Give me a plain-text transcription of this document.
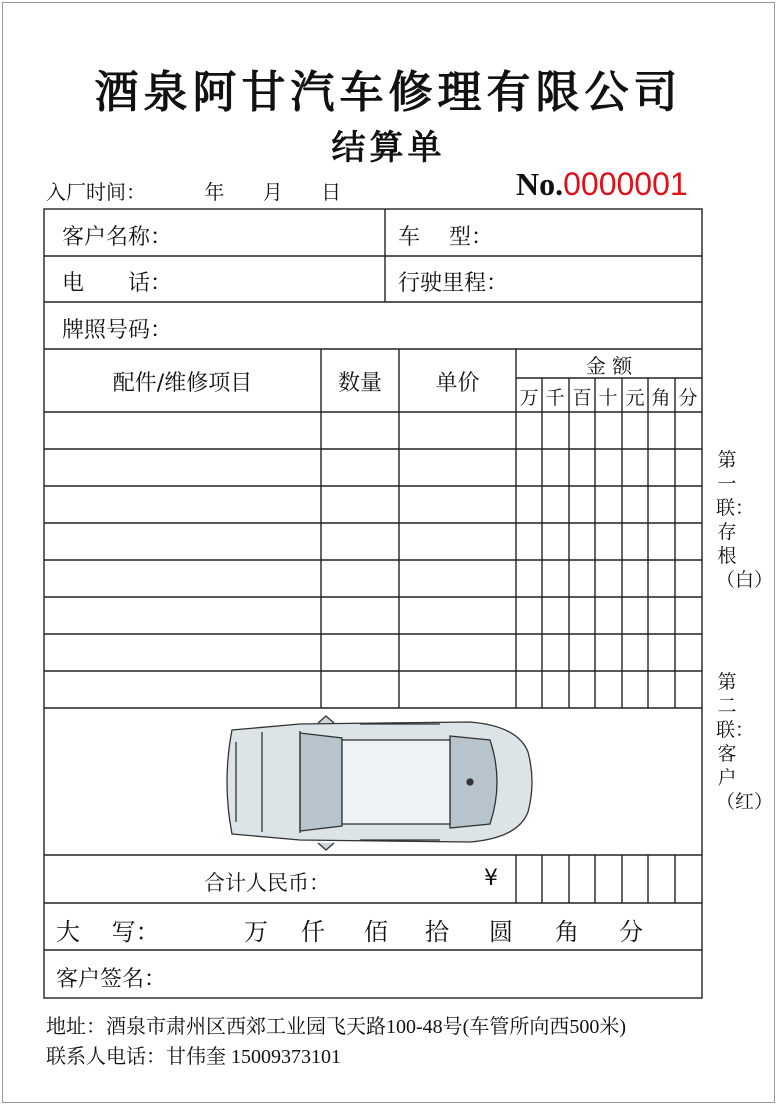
酒泉阿甘汽车修理有限公司
结算单
入厂时间：	年 月 日	No.0000001
客户名称：	车　 型：
电　　话：	行驶里程：
牌照号码：
配件/维修项目	数量	单价
金 额
万 千 百 十 元 角 分
合计人民币：	¥
大　 写：	万 仟 佰 拾 圆 角 分
客户签名：
第一联：存根（白）
第二联：客户（红）
地址：酒泉市肃州区西郊工业园飞天路100-48号(车管所向西500米)
联系人电话：甘伟奎 15009373101
